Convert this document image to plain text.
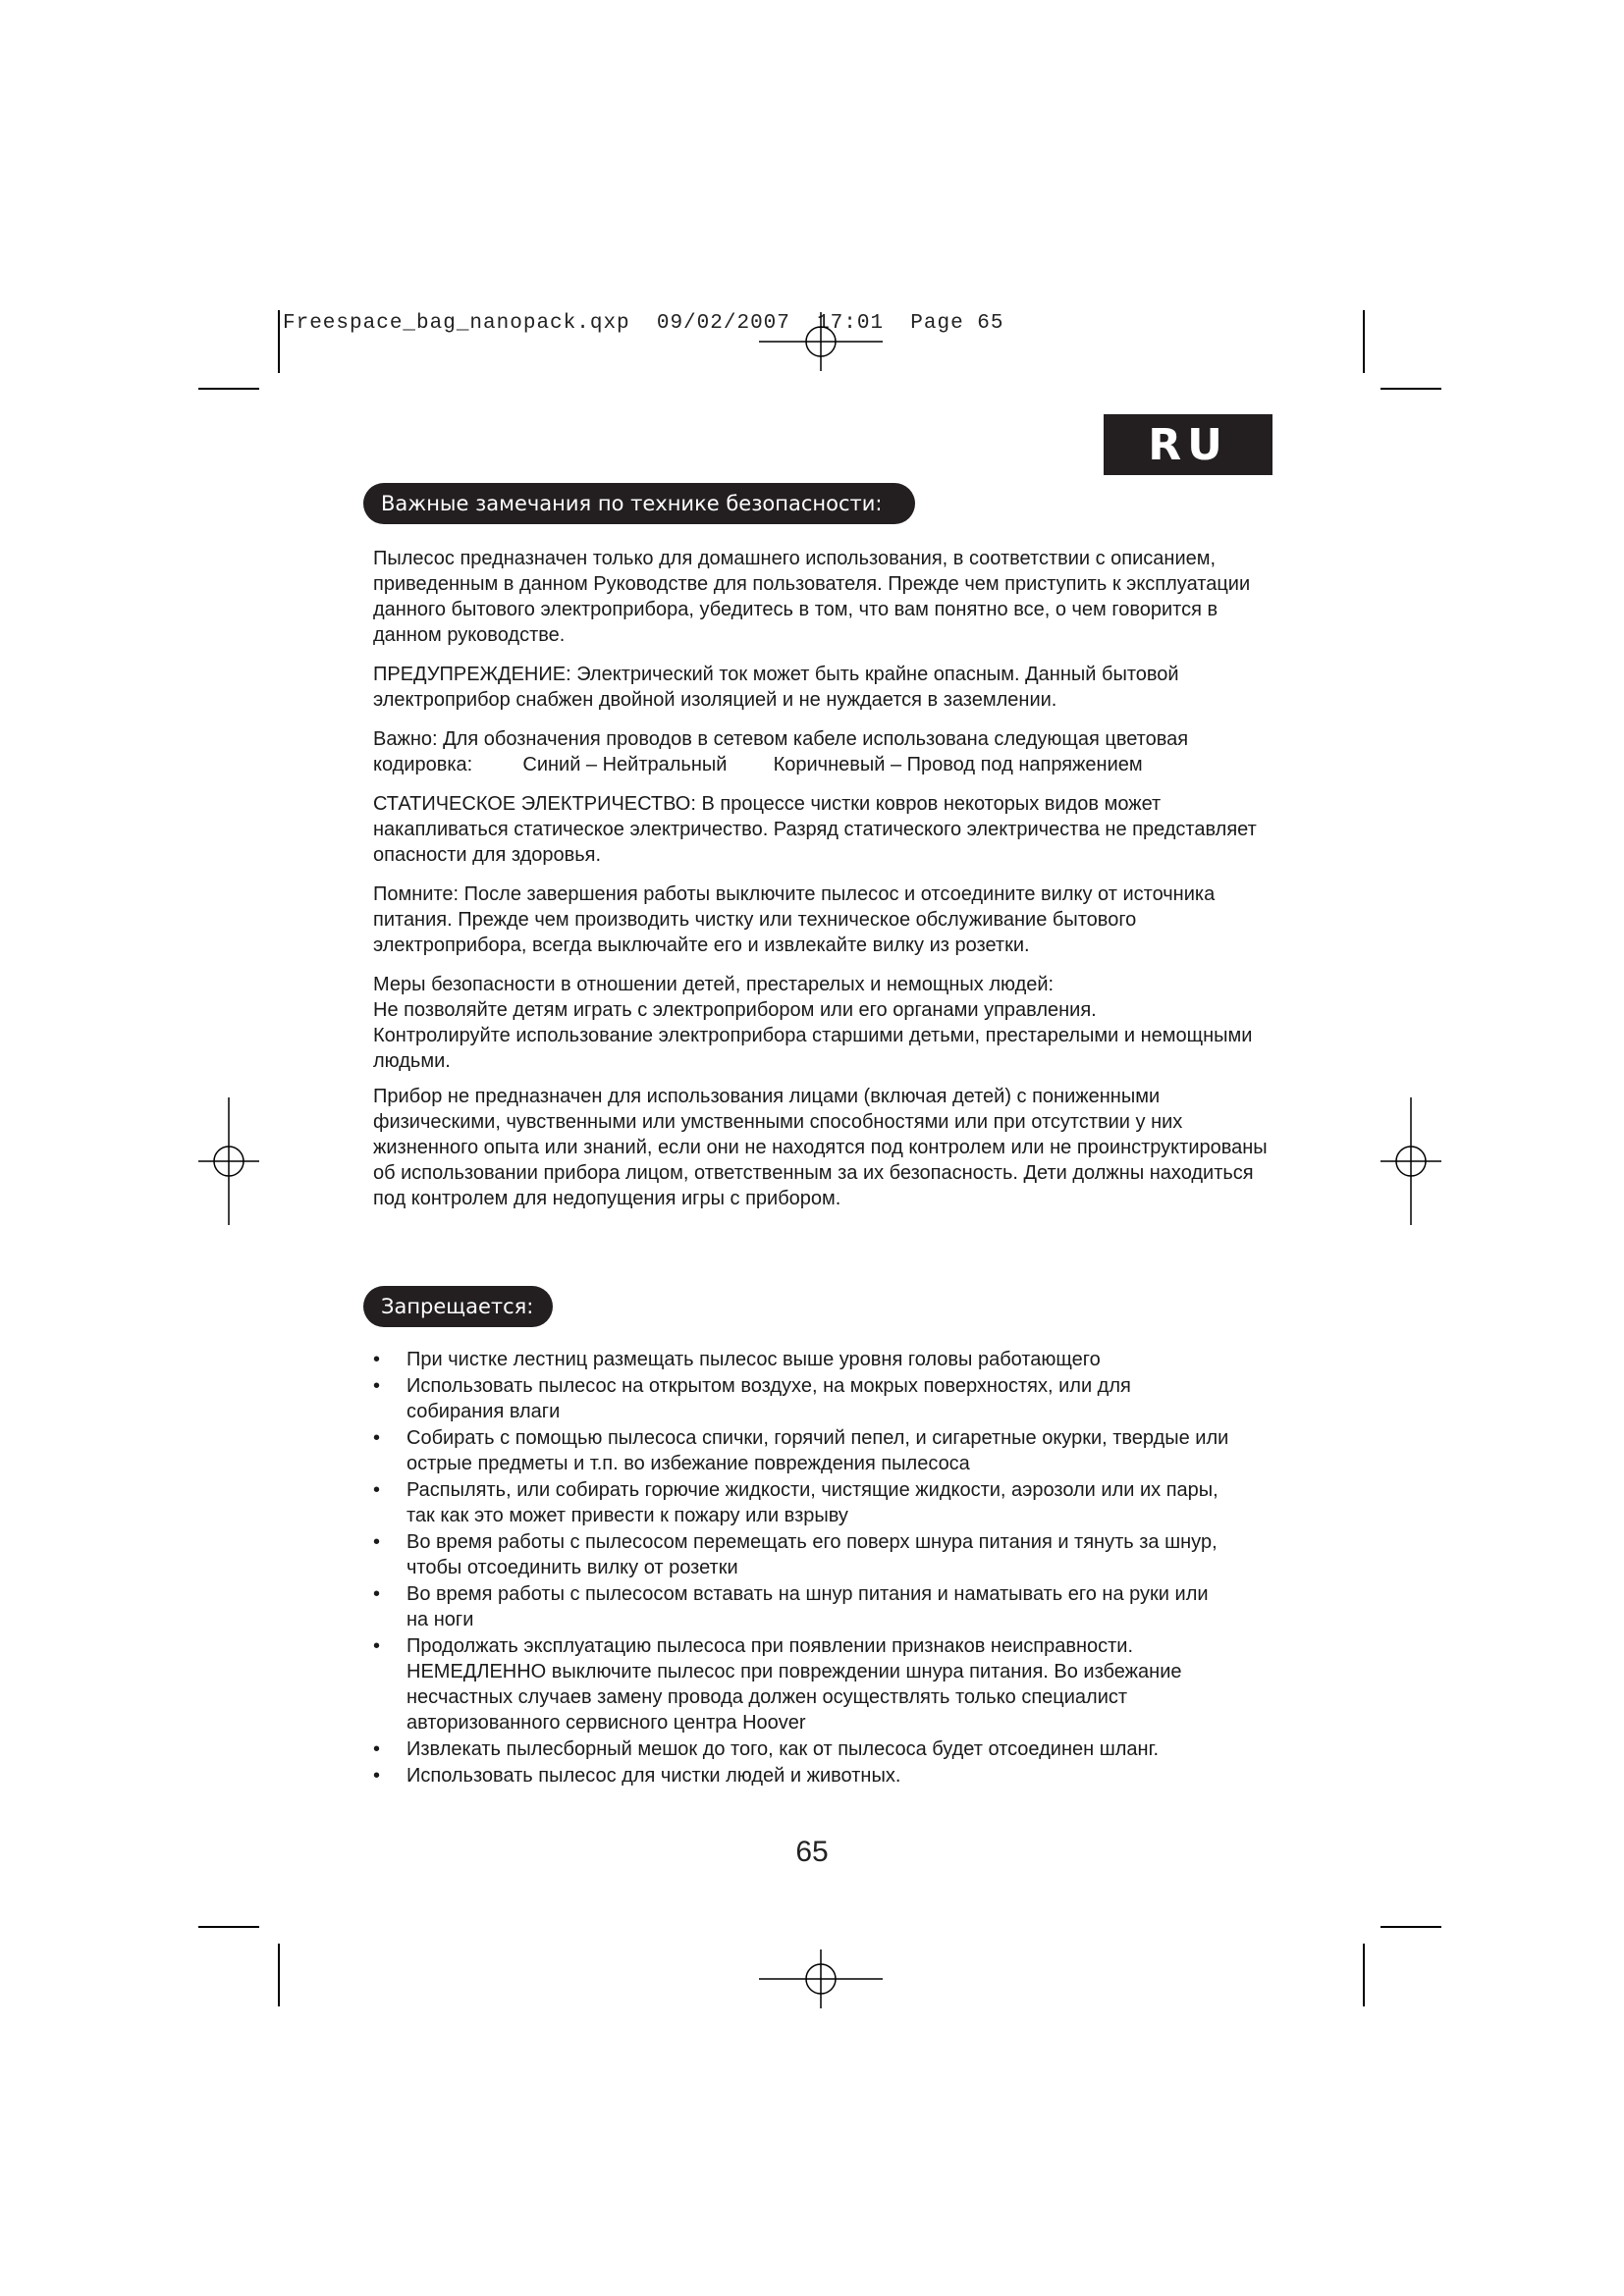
Freespace_bag_nanopack.qxp  09/02/2007  17:01  Page 65
RU
Важные замечания по технике безопасности:

Пылесос предназначен только для домашнего использования, в соответствии с описанием, приведенным в данном Руководстве для пользователя. Прежде чем приступить к эксплуатации данного бытового электроприбора, убедитесь в том, что вам понятно все, о чем говорится в данном руководстве.

ПРЕДУПРЕЖДЕНИЕ: Электрический ток может быть крайне опасным. Данный бытовой электроприбор снабжен двойной изоляцией и не нуждается в заземлении.

Важно: Для обозначения проводов в сетевом кабеле использована следующая цветовая кодировка:	Синий – Нейтральный Коричневый – Провод под напряжением

СТАТИЧЕСКОЕ ЭЛЕКТРИЧЕСТВО: В процессе чистки ковров некоторых видов может накапливаться статическое электричество. Разряд статического электричества не представляет опасности для здоровья.

Помните: После завершения работы выключите пылесос и отсоедините вилку от источника питания. Прежде чем производить чистку или техническое обслуживание бытового электроприбора, всегда выключайте его и извлекайте вилку из розетки.

Меры безопасности в отношении детей, престарелых и немощных людей:

Не позволяйте детям играть с электроприбором или его органами управления.

Контролируйте использование электроприбора старшими детьми, престарелыми и немощными людьми.

Прибор не предназначен для использования лицами (включая детей) с пониженными физическими, чувственными или умственными способностями или при отсутствии у них жизненного опыта или знаний, если они не находятся под контролем или не проинструктированы об использовании прибора лицом, ответственным за их безопасность. Дети должны находиться под контролем для недопущения игры с прибором.

Запрещается:
• При чистке лестниц размещать пылесос выше уровня головы работающего
• Использовать пылесос на открытом воздухе, на мокрых поверхностях, или для собирания влаги
• Собирать с помощью пылесоса спички, горячий пепел, и сигаретные окурки, твердые или острые предметы и т.п. во избежание повреждения пылесоса
• Распылять, или собирать горючие жидкости, чистящие жидкости, аэрозоли или их пары, так как это может привести к пожару или взрыву
• Во время работы с пылесосом перемещать его поверх шнура питания и тянуть за шнур, чтобы отсоединить вилку от розетки
• Во время работы с пылесосом вставать на шнур питания и наматывать его на руки или на ноги
• Продолжать эксплуатацию пылесоса при появлении признаков неисправности. НЕМЕДЛЕННО выключите пылесос при повреждении шнура питания. Во избежание несчастных случаев замену провода должен осуществлять только специалист авторизованного сервисного центра Hoover
• Извлекать пылесборный мешок до того, как от пылесоса будет отсоединен шланг.
• Использовать пылесос для чистки людей и животных.
65
